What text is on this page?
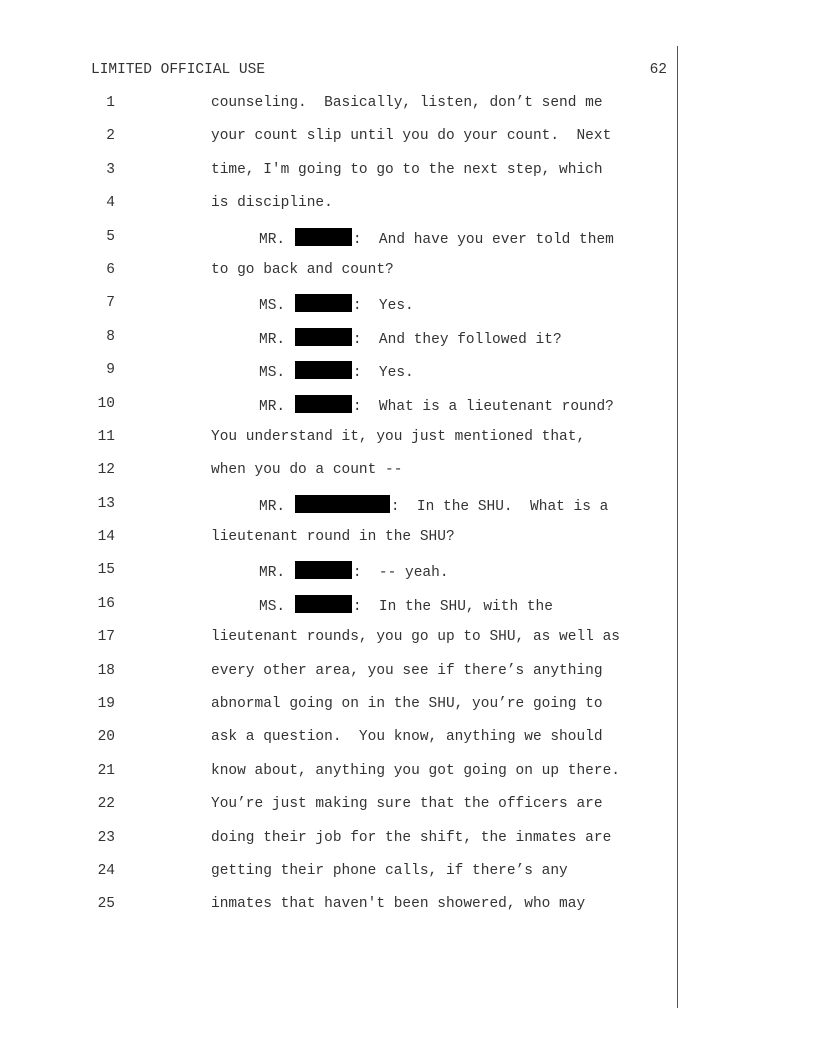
LIMITED OFFICIAL USE	62
1	counseling.  Basically, listen, don’t send me
2	your count slip until you do your count.  Next
3	time, I'm going to go to the next step, which
4	is discipline.
5	MR.	:  And have you ever told them
6	to go back and count?
7	MS.	:  Yes.
8	MR.	:  And they followed it?
9	MS.	:  Yes.
10	MR.	:  What is a lieutenant round?
11	You understand it, you just mentioned that,
12	when you do a count --
13	MR.	:  In the SHU.  What is a
14	lieutenant round in the SHU?
15	MR.	:  -- yeah.
16	MS.	:  In the SHU, with the
17	lieutenant rounds, you go up to SHU, as well as
18	every other area, you see if there’s anything
19	abnormal going on in the SHU, you’re going to
20	ask a question.  You know, anything we should
21	know about, anything you got going on up there.
22	You’re just making sure that the officers are
23	doing their job for the shift, the inmates are
24	getting their phone calls, if there’s any
25	inmates that haven't been showered, who may
